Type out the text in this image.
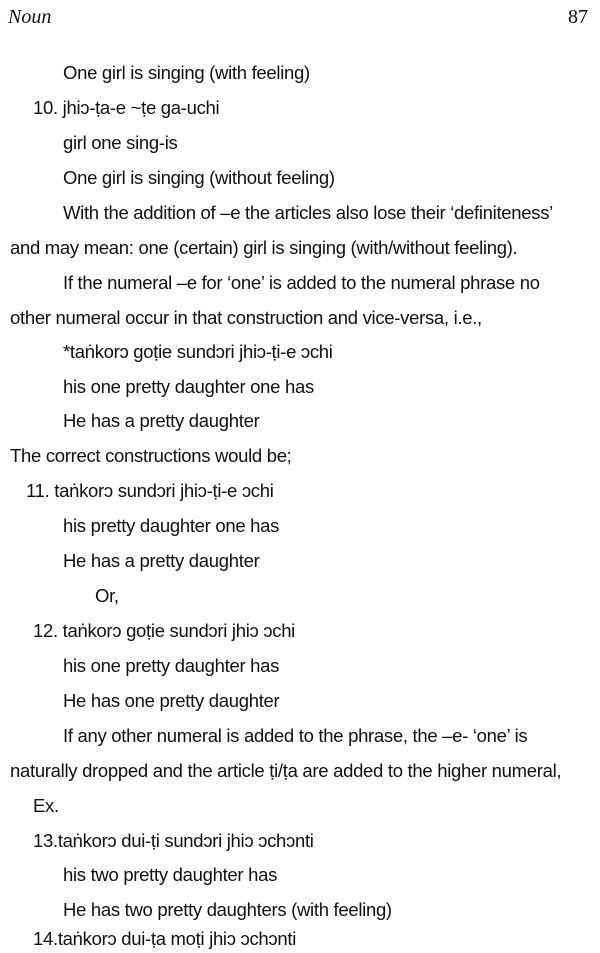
Noun	87
One girl is singing (with feeling)
10. jhiɔ-ṭa-e ~ṭe ga-uchi
girl one sing-is
One girl is singing (without feeling)
With the addition of –e the articles also lose their ‘definiteness’
and may mean: one (certain) girl is singing (with/without feeling).
If the numeral –e for ‘one’ is added to the numeral phrase no
other numeral occur in that construction and vice-versa, i.e.,
*taṅkorɔ goṭie sundɔri jhiɔ-ṭi-e ɔchi
his one pretty daughter one has
He has a pretty daughter
The correct constructions would be;
11. taṅkorɔ sundɔri jhiɔ-ṭi-e ɔchi
his pretty daughter one has
He has a pretty daughter
Or,
12. taṅkorɔ goṭie sundɔri jhiɔ ɔchi
his one pretty daughter has
He has one pretty daughter
If any other numeral is added to the phrase, the –e- ‘one’ is
naturally dropped and the article ṭi/ṭa are added to the higher numeral,
Ex.
13.taṅkorɔ dui-ṭi sundɔri jhiɔ ɔchɔnti
his two pretty daughter has
He has two pretty daughters (with feeling)
14.taṅkorɔ dui-ṭa moṭi jhiɔ ɔchɔnti
